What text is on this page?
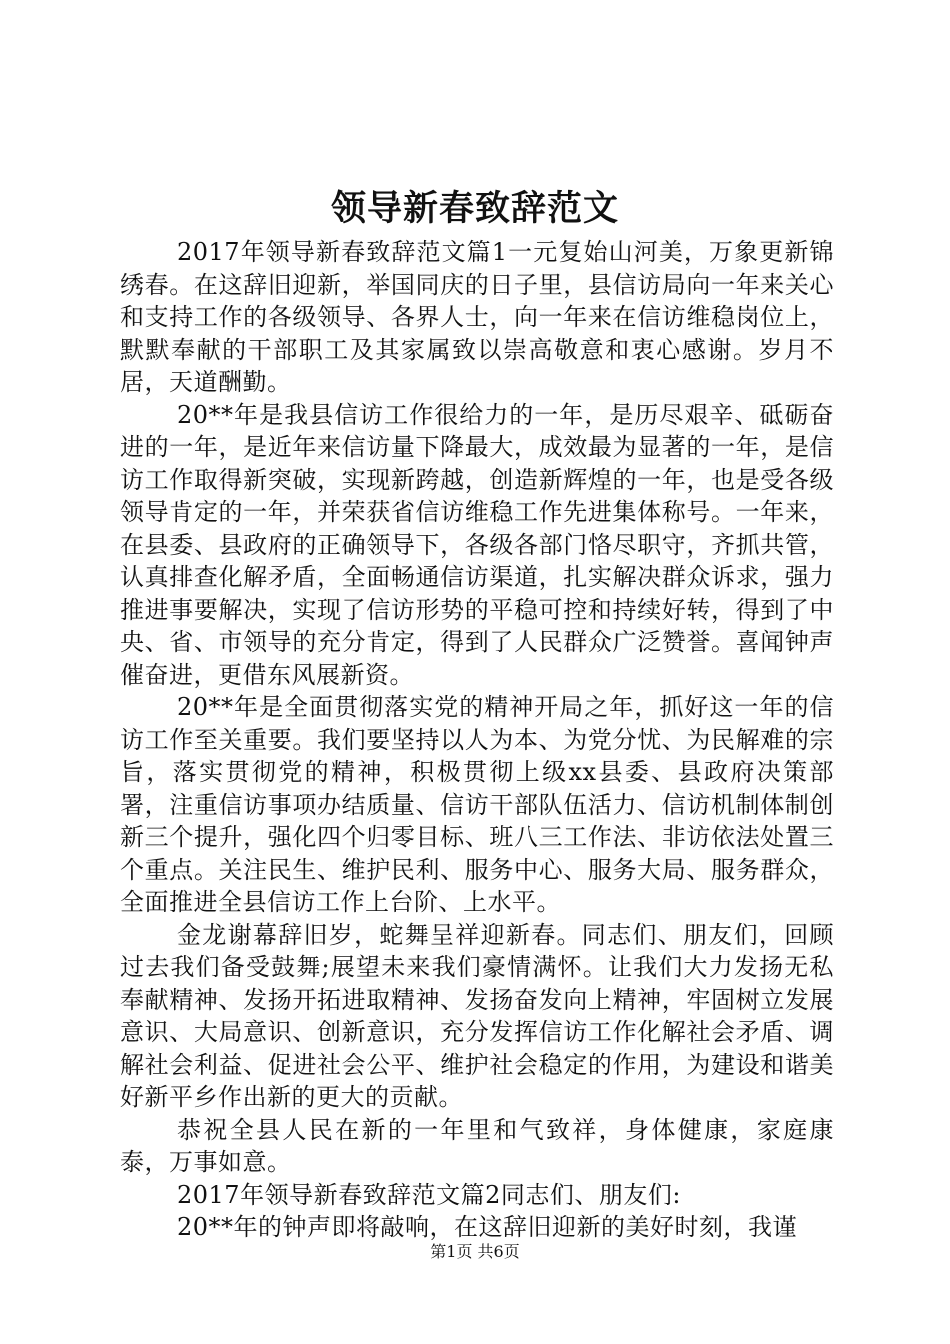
领导新春致辞范文

2017年领导新春致辞范文篇1一元复始山河美，万象更新锦绣春。在这辞旧迎新，举国同庆的日子里，县信访局向一年来关心和支持工作的各级领导、各界人士，向一年来在信访维稳岗位上，默默奉献的干部职工及其家属致以崇高敬意和衷心感谢。岁月不居，天道酬勤。

20**年是我县信访工作很给力的一年，是历尽艰辛、砥砺奋进的一年，是近年来信访量下降最大，成效最为显著的一年，是信访工作取得新突破，实现新跨越，创造新辉煌的一年，也是受各级领导肯定的一年，并荣获省信访维稳工作先进集体称号。一年来，在县委、县政府的正确领导下，各级各部门恪尽职守，齐抓共管，认真排查化解矛盾，全面畅通信访渠道，扎实解决群众诉求，强力推进事要解决，实现了信访形势的平稳可控和持续好转，得到了中央、省、市领导的充分肯定，得到了人民群众广泛赞誉。喜闻钟声催奋进，更借东风展新资。

20**年是全面贯彻落实党的精神开局之年，抓好这一年的信访工作至关重要。我们要坚持以人为本、为党分忧、为民解难的宗旨，落实贯彻党的精神，积极贯彻上级xx县委、县政府决策部署，注重信访事项办结质量、信访干部队伍活力、信访机制体制创新三个提升，强化四个归零目标、班八三工作法、非访依法处置三个重点。关注民生、维护民利、服务中心、服务大局、服务群众，全面推进全县信访工作上台阶、上水平。

金龙谢幕辞旧岁，蛇舞呈祥迎新春。同志们、朋友们，回顾过去我们备受鼓舞;展望未来我们豪情满怀。让我们大力发扬无私奉献精神、发扬开拓进取精神、发扬奋发向上精神，牢固树立发展意识、大局意识、创新意识，充分发挥信访工作化解社会矛盾、调解社会利益、促进社会公平、维护社会稳定的作用，为建设和谐美好新平乡作出新的更大的贡献。

恭祝全县人民在新的一年里和气致祥，身体健康，家庭康泰，万事如意。

2017年领导新春致辞范文篇2同志们、朋友们:

20**年的钟声即将敲响，在这辞旧迎新的美好时刻，我谨

第1页 共6页
